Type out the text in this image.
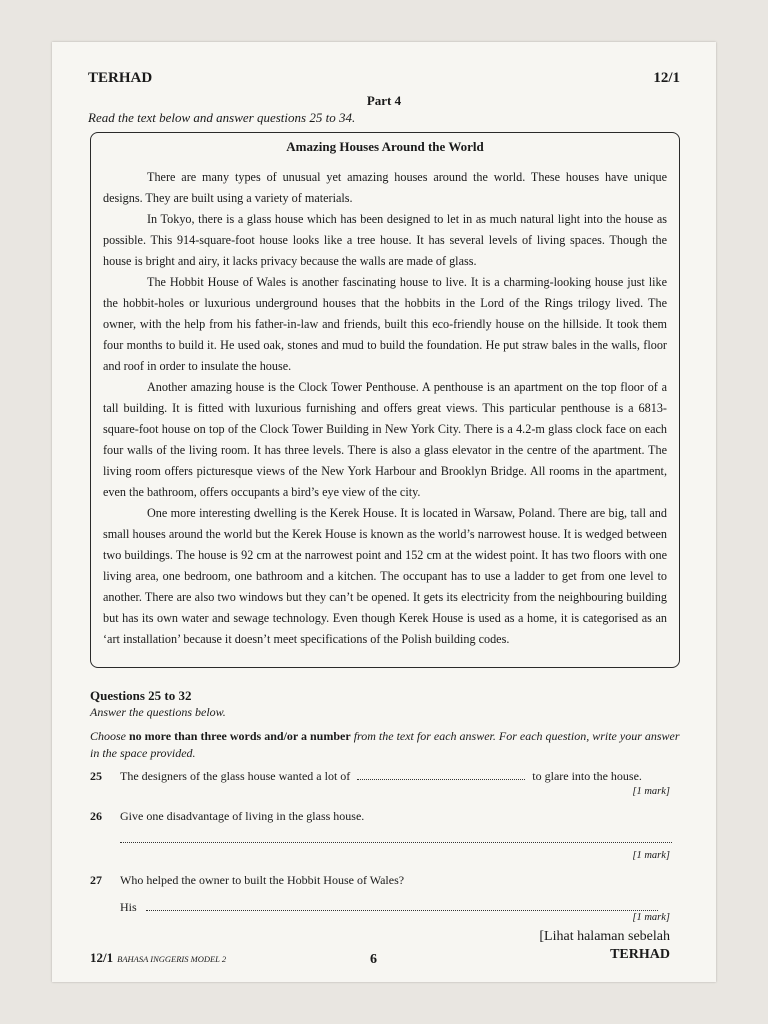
TERHAD	12/1
Part 4
Read the text below and answer questions 25 to 34.
Amazing Houses Around the World

There are many types of unusual yet amazing houses around the world. These houses have unique designs. They are built using a variety of materials.

In Tokyo, there is a glass house which has been designed to let in as much natural light into the house as possible. This 914-square-foot house looks like a tree house. It has several levels of living spaces. Though the house is bright and airy, it lacks privacy because the walls are made of glass.

The Hobbit House of Wales is another fascinating house to live. It is a charming-looking house just like the hobbit-holes or luxurious underground houses that the hobbits in the Lord of the Rings trilogy lived. The owner, with the help from his father-in-law and friends, built this eco-friendly house on the hillside. It took them four months to build it. He used oak, stones and mud to build the foundation. He put straw bales in the walls, floor and roof in order to insulate the house.

Another amazing house is the Clock Tower Penthouse. A penthouse is an apartment on the top floor of a tall building. It is fitted with luxurious furnishing and offers great views. This particular penthouse is a 6813-square-foot house on top of the Clock Tower Building in New York City. There is a 4.2-m glass clock face on each four walls of the living room. It has three levels. There is also a glass elevator in the centre of the apartment. The living room offers picturesque views of the New York Harbour and Brooklyn Bridge. All rooms in the apartment, even the bathroom, offers occupants a bird’s eye view of the city.

One more interesting dwelling is the Kerek House. It is located in Warsaw, Poland. There are big, tall and small houses around the world but the Kerek House is known as the world’s narrowest house. It is wedged between two buildings. The house is 92 cm at the narrowest point and 152 cm at the widest point. It has two floors with one living area, one bedroom, one bathroom and a kitchen. The occupant has to use a ladder to get from one level to another. There are also two windows but they can’t be opened. It gets its electricity from the neighbouring building but has its own water and sewage technology. Even though Kerek House is used as a home, it is categorised as an ‘art installation’ because it doesn’t meet specifications of the Polish building codes.

Questions 25 to 32
Answer the questions below.
Choose no more than three words and/or a number from the text for each answer. For each question, write your answer in the space provided.
25 The designers of the glass house wanted a lot of	to glare into the house.
[1 mark]
26 Give one disadvantage of living in the glass house.
[1 mark]
27 Who helped the owner to built the Hobbit House of Wales?
His
[1 mark]
[Lihat halaman sebelah
12/1 BAHASA INGGERIS MODEL 2	6	TERHAD
